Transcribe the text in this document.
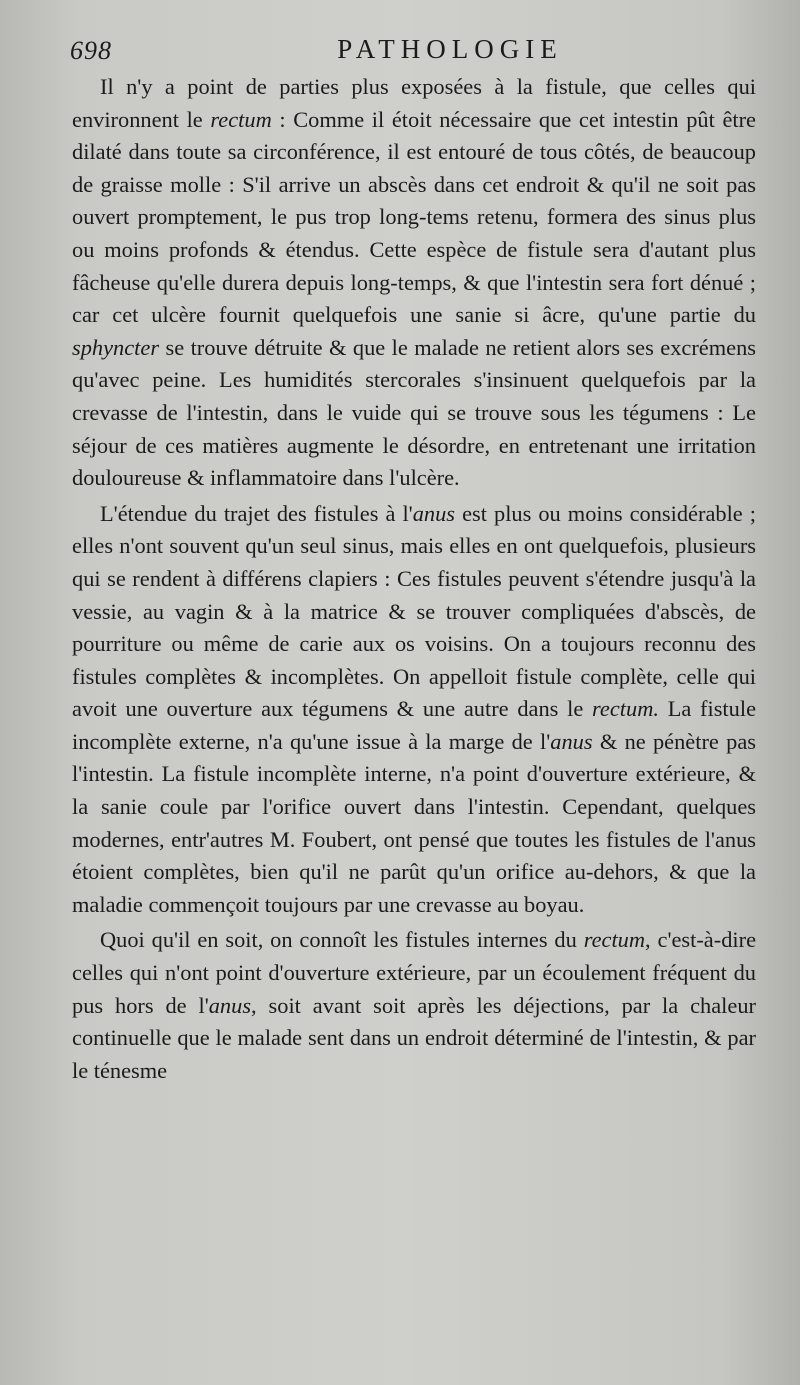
698	PATHOLOGIE

Il n'y a point de parties plus exposées à la fistule, que celles qui environnent le rectum : Comme il étoit nécessaire que cet intestin pût être dilaté dans toute sa circonférence, il est entouré de tous côtés, de beaucoup de graisse molle : S'il arrive un abscès dans cet endroit & qu'il ne soit pas ouvert promptement, le pus trop long-tems retenu, formera des sinus plus ou moins profonds & étendus. Cette espèce de fistule sera d'autant plus fâcheuse qu'elle durera depuis long-temps, & que l'intestin sera fort dénué ; car cet ulcère fournit quelquefois une sanie si âcre, qu'une partie du sphyncter se trouve détruite & que le malade ne retient alors ses excrémens qu'avec peine. Les humidités stercorales s'insinuent quelquefois par la crevasse de l'intestin, dans le vuide qui se trouve sous les tégumens : Le séjour de ces matières augmente le désordre, en entretenant une irritation douloureuse & inflammatoire dans l'ulcère.

L'étendue du trajet des fistules à l'anus est plus ou moins considérable ; elles n'ont souvent qu'un seul sinus, mais elles en ont quelquefois, plusieurs qui se rendent à différens clapiers : Ces fistules peuvent s'étendre jusqu'à la vessie, au vagin & à la matrice & se trouver compliquées d'abscès, de pourriture ou même de carie aux os voisins. On a toujours reconnu des fistules complètes & incomplètes. On appelloit fistule complète, celle qui avoit une ouverture aux tégumens & une autre dans le rectum. La fistule incomplète externe, n'a qu'une issue à la marge de l'anus & ne pénètre pas l'intestin. La fistule incomplète interne, n'a point d'ouverture extérieure, & la sanie coule par l'orifice ouvert dans l'intestin. Cependant, quelques modernes, entr'autres M. Foubert, ont pensé que toutes les fistules de l'anus étoient complètes, bien qu'il ne parût qu'un orifice au-dehors, & que la maladie commençoit toujours par une crevasse au boyau.

Quoi qu'il en soit, on connoît les fistules internes du rectum, c'est-à-dire celles qui n'ont point d'ouverture extérieure, par un écoulement fréquent du pus hors de l'anus, soit avant soit après les déjections, par la chaleur continuelle que le malade sent dans un endroit déterminé de l'intestin, & par le ténesme
